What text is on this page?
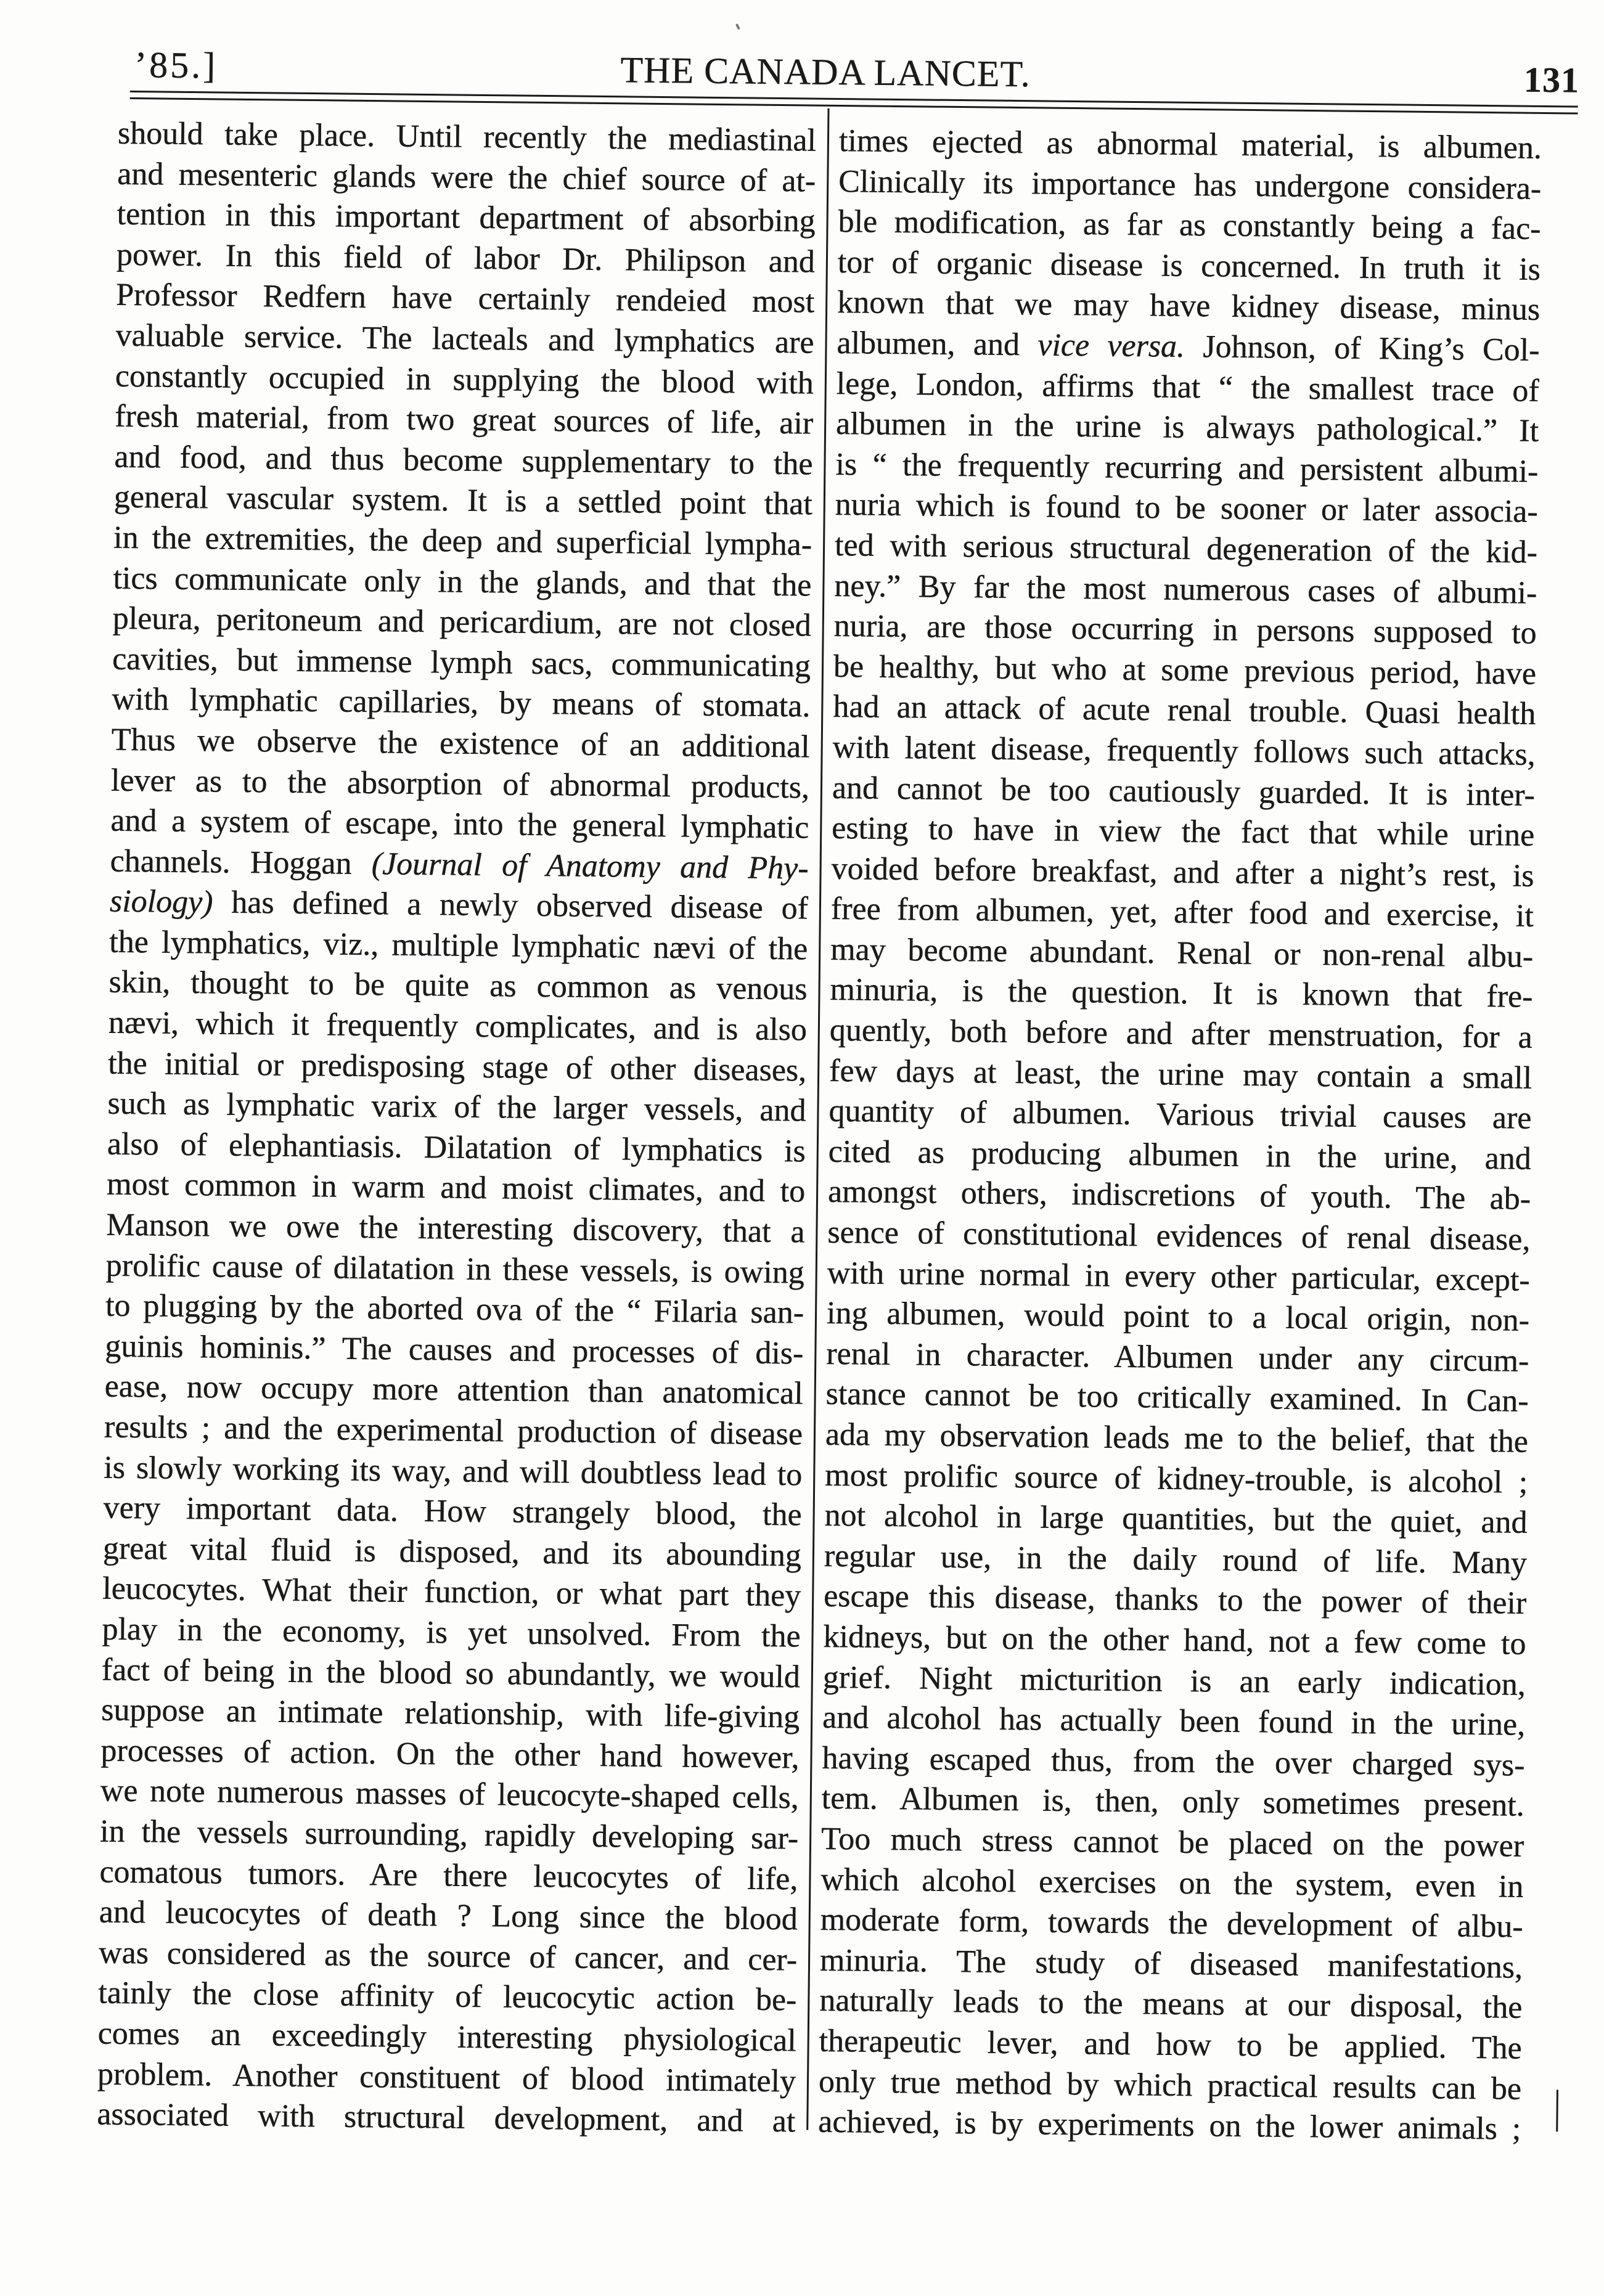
’85.]	THE CANADA LANCET.	131
should take place. Until recently the mediastinal
and mesenteric glands were the chief source of at-
tention in this important department of absorbing
power. In this field of labor Dr. Philipson and
Professor Redfern have certainly rendeied most
valuable service. The lacteals and lymphatics are
constantly occupied in supplying the blood with
fresh material, from two great sources of life, air
and food, and thus become supplementary to the
general vascular system. It is a settled point that
in the extremities, the deep and superficial lympha-
tics communicate only in the glands, and that the
pleura, peritoneum and pericardium, are not closed
cavities, but immense lymph sacs, communicating
with lymphatic capillaries, by means of stomata.
Thus we observe the existence of an additional
lever as to the absorption of abnormal products,
and a system of escape, into the general lymphatic
channels. Hoggan (Journal of Anatomy and Phy-
siology) has defined a newly observed disease of
the lymphatics, viz., multiple lymphatic nævi of the
skin, thought to be quite as common as venous
nævi, which it frequently complicates, and is also
the initial or predisposing stage of other diseases,
such as lymphatic varix of the larger vessels, and
also of elephantiasis. Dilatation of lymphatics is
most common in warm and moist climates, and to
Manson we owe the interesting discovery, that a
prolific cause of dilatation in these vessels, is owing
to plugging by the aborted ova of the “ Filaria san-
guinis hominis.” The causes and processes of dis-
ease, now occupy more attention than anatomical
results ; and the experimental production of disease
is slowly working its way, and will doubtless lead to
very important data. How strangely blood, the
great vital fluid is disposed, and its abounding
leucocytes. What their function, or what part they
play in the economy, is yet unsolved. From the
fact of being in the blood so abundantly, we would
suppose an intimate relationship, with life-giving
processes of action. On the other hand however,
we note numerous masses of leucocyte-shaped cells,
in the vessels surrounding, rapidly developing sar-
comatous tumors. Are there leucocytes of life,
and leucocytes of death ? Long since the blood
was considered as the source of cancer, and cer-
tainly the close affinity of leucocytic action be-
comes an exceedingly interesting physiological
problem. Another constituent of blood intimately
associated with structural development, and at
times ejected as abnormal material, is albumen.
Clinically its importance has undergone considera-
ble modification, as far as constantly being a fac-
tor of organic disease is concerned. In truth it is
known that we may have kidney disease, minus
albumen, and vice versa. Johnson, of King’s Col-
lege, London, affirms that “ the smallest trace of
albumen in the urine is always pathological.” It
is “ the frequently recurring and persistent albumi-
nuria which is found to be sooner or later associa-
ted with serious structural degeneration of the kid-
ney.” By far the most numerous cases of albumi-
nuria, are those occurring in persons supposed to
be healthy, but who at some previous period, have
had an attack of acute renal trouble. Quasi health
with latent disease, frequently follows such attacks,
and cannot be too cautiously guarded. It is inter-
esting to have in view the fact that while urine
voided before breakfast, and after a night’s rest, is
free from albumen, yet, after food and exercise, it
may become abundant. Renal or non-renal albu-
minuria, is the question. It is known that fre-
quently, both before and after menstruation, for a
few days at least, the urine may contain a small
quantity of albumen. Various trivial causes are
cited as producing albumen in the urine, and
amongst others, indiscretions of youth. The ab-
sence of constitutional evidences of renal disease,
with urine normal in every other particular, except-
ing albumen, would point to a local origin, non-
renal in character. Albumen under any circum-
stance cannot be too critically examined. In Can-
ada my observation leads me to the belief, that the
most prolific source of kidney-trouble, is alcohol ;
not alcohol in large quantities, but the quiet, and
regular use, in the daily round of life. Many
escape this disease, thanks to the power of their
kidneys, but on the other hand, not a few come to
grief. Night micturition is an early indication,
and alcohol has actually been found in the urine,
having escaped thus, from the over charged sys-
tem. Albumen is, then, only sometimes present.
Too much stress cannot be placed on the power
which alcohol exercises on the system, even in
moderate form, towards the development of albu-
minuria. The study of diseased manifestations,
naturally leads to the means at our disposal, the
therapeutic lever, and how to be applied. The
only true method by which practical results can be
achieved, is by experiments on the lower animals ;
